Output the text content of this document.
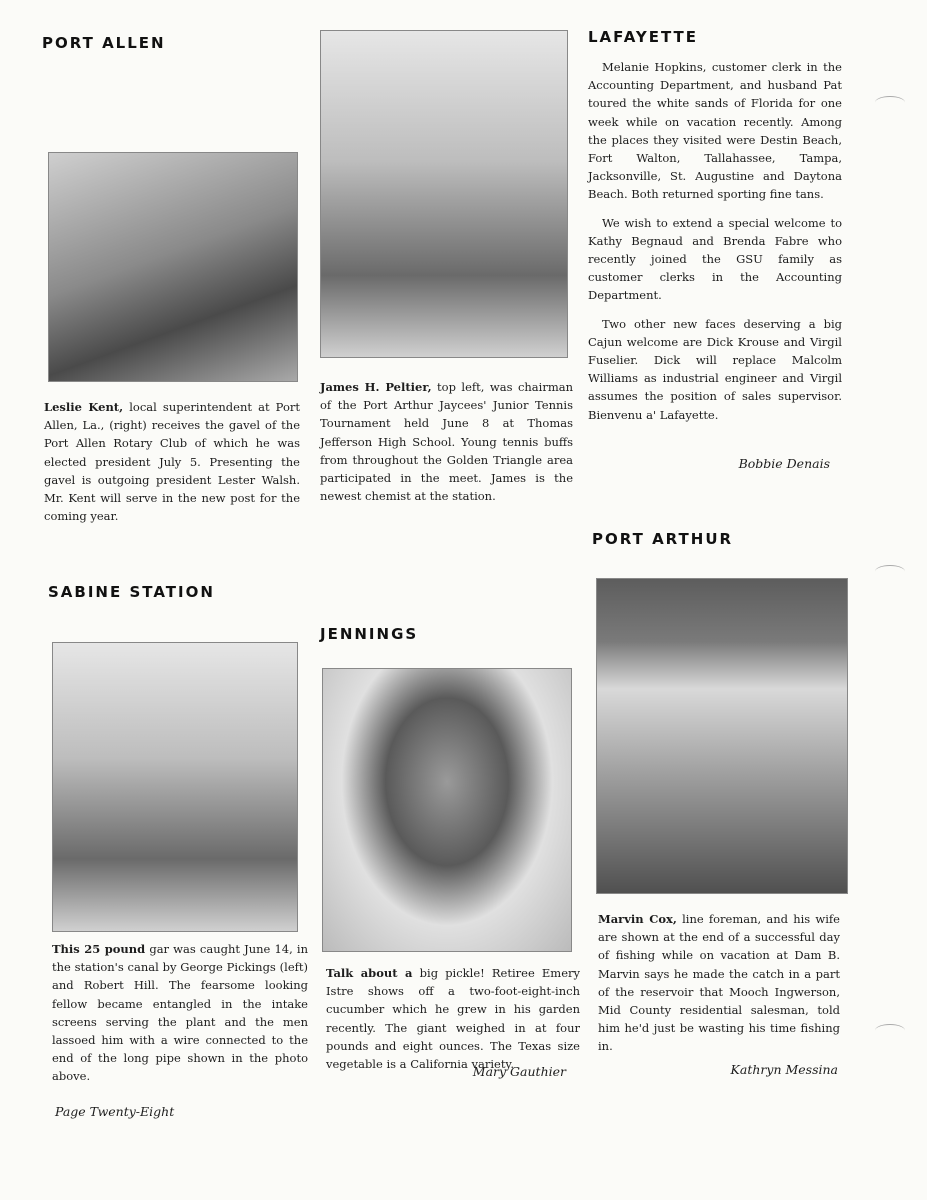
PORT ALLEN
Leslie Kent, local superintendent at Port Allen, La., (right) receives the gavel of the Port Allen Rotary Club of which he was elected president July 5. Presenting the gavel is outgoing president Lester Walsh. Mr. Kent will serve in the new post for the coming year.
James H. Peltier, top left, was chairman of the Port Arthur Jaycees' Junior Tennis Tournament held June 8 at Thomas Jefferson High School. Young tennis buffs from throughout the Golden Triangle area participated in the meet. James is the newest chemist at the station.
LAFAYETTE

Melanie Hopkins, customer clerk in the Accounting Department, and husband Pat toured the white sands of Florida for one week while on vacation recently. Among the places they visited were Destin Beach, Fort Walton, Tallahassee, Tampa, Jacksonville, St. Augustine and Daytona Beach. Both returned sporting fine tans.

We wish to extend a special welcome to Kathy Begnaud and Brenda Fabre who recently joined the GSU family as customer clerks in the Accounting Department.

Two other new faces deserving a big Cajun welcome are Dick Krouse and Virgil Fuselier. Dick will replace Malcolm Williams as industrial engineer and Virgil assumes the position of sales supervisor. Bienvenu a' Lafayette.

Bobbie Denais
PORT ARTHUR
Marvin Cox, line foreman, and his wife are shown at the end of a successful day of fishing while on vacation at Dam B. Marvin says he made the catch in a part of the reservoir that Mooch Ingwerson, Mid County residential salesman, told him he'd just be wasting his time fishing in.
Kathryn Messina
SABINE STATION
This 25 pound gar was caught June 14, in the station's canal by George Pickings (left) and Robert Hill. The fearsome looking fellow became entangled in the intake screens serving the plant and the men lassoed him with a wire connected to the end of the long pipe shown in the photo above.
JENNINGS
Talk about a big pickle! Retiree Emery Istre shows off a two-foot-eight-inch cucumber which he grew in his garden recently. The giant weighed in at four pounds and eight ounces. The Texas size vegetable is a California variety.
Mary Gauthier
Page Twenty-Eight
